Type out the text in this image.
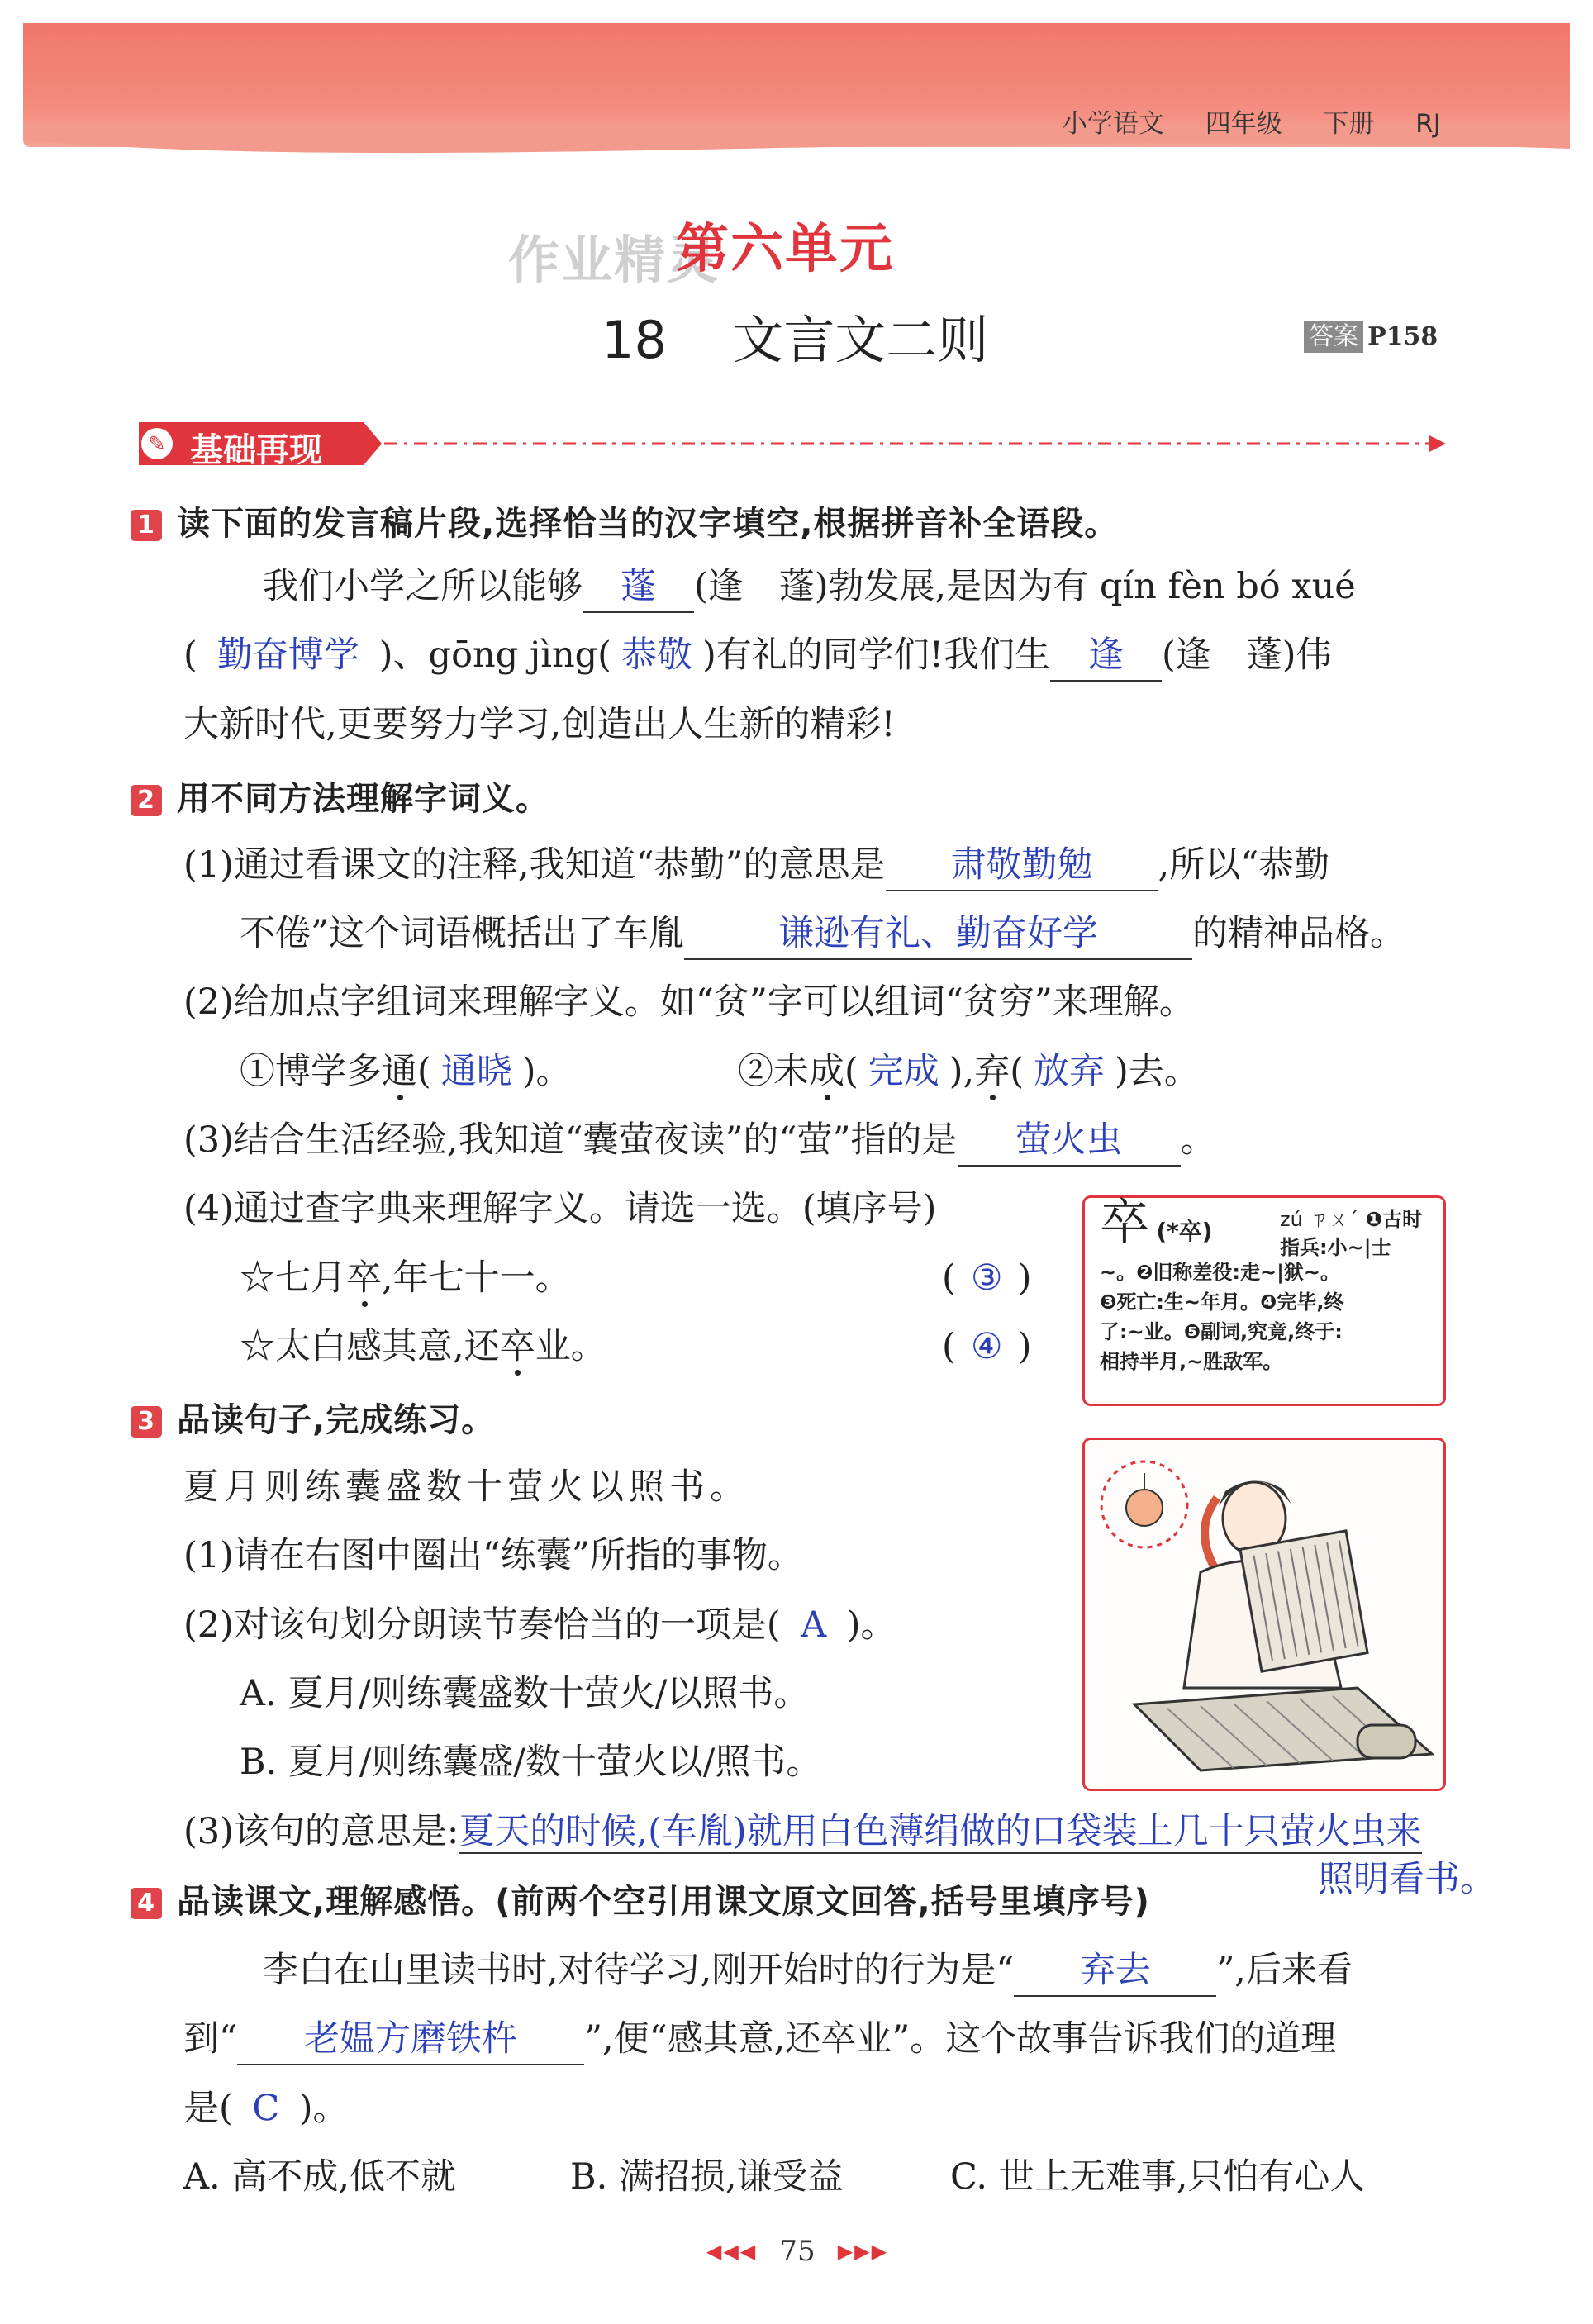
小学语文 四年级 下册 RJ
作业精灵
第六单元
18 文言文二则	答案 P158
✎ 基础再现
1 读下面的发言稿片段,选择恰当的汉字填空,根据拼音补全语段。
我们小学之所以能够 蓬 (逢　蓬)勃发展,是因为有 qín fèn bó xué
( 勤奋博学 )、gōng jìng( 恭敬 )有礼的同学们!我们生 逢 (逢　蓬)伟
大新时代,更要努力学习,创造出人生新的精彩!
2 用不同方法理解字词义。
(1)通过看课文的注释,我知道“恭勤”的意思是 肃敬勤勉 ,所以“恭勤
不倦”这个词语概括出了车胤	谦逊有礼、勤奋好学	的精神品格。
(2)给加点字组词来理解字义。如“贫”字可以组词“贫穷”来理解。
①博学多通( 通晓 )。	②未成( 完成 ),弃( 放弃 )去。
(3)结合生活经验,我知道“囊萤夜读”的“萤”指的是 萤火虫 。
(4)通过查字典来理解字义。请选一选。(填序号)
☆七月卒,年七十一。	( ③ )
☆太白感其意,还卒业。	( ④ )
卒 (*卒)	zú ㄗㄨˊ ❶古时
指兵:小~|士
~。❷旧称差役:走~|狱~。
❸死亡:生~年月。❹完毕,终
了:~业。❺副词,究竟,终于:
相持半月,~胜敌军。
3 品读句子,完成练习。
夏月则练囊盛数十萤火以照书。
(1)请在右图中圈出“练囊”所指的事物。
(2)对该句划分朗读节奏恰当的一项是( A )。
A. 夏月/则练囊盛数十萤火/以照书。
B. 夏月/则练囊盛/数十萤火以/照书。
(3)该句的意思是:夏天的时候,(车胤)就用白色薄绢做的口袋装上几十只萤火虫来
照明看书。
4 品读课文,理解感悟。(前两个空引用课文原文回答,括号里填序号)
李白在山里读书时,对待学习,刚开始时的行为是“ 弃去 ”,后来看
到“ 老媪方磨铁杵 ”,便“感其意,还卒业”。这个故事告诉我们的道理
是( C )。
A. 高不成,低不就	B. 满招损,谦受益	C. 世上无难事,只怕有心人
◀◀◀ 75 ▶▶▶
